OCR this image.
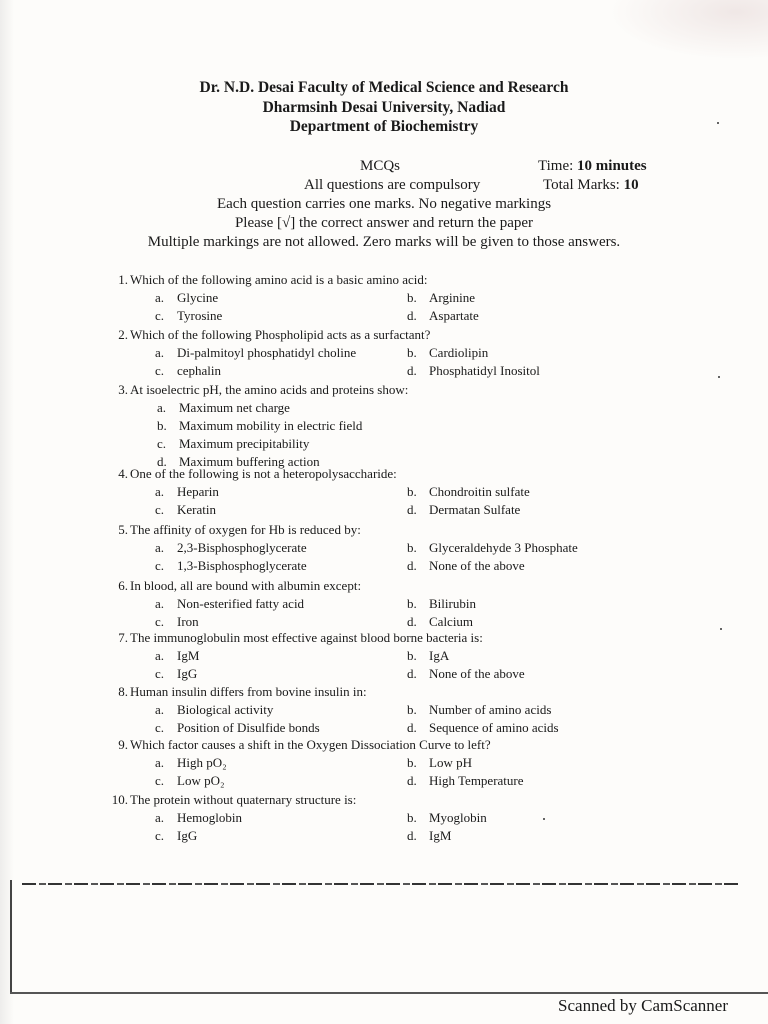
Dr. N.D. Desai Faculty of Medical Science and Research
Dharmsinh Desai University, Nadiad
Department of Biochemistry
MCQs	Time: 10 minutes
All questions are compulsory	Total Marks: 10
Each question carries one marks. No negative markings
Please [√] the correct answer and return the paper
Multiple markings are not allowed. Zero marks will be given to those answers.
1. Which of the following amino acid is a basic amino acid:
a. Glycine	b. Arginine
c. Tyrosine	d. Aspartate
2. Which of the following Phospholipid acts as a surfactant?
a. Di-palmitoyl phosphatidyl choline	b. Cardiolipin
c. cephalin	d. Phosphatidyl Inositol
3. At isoelectric pH, the amino acids and proteins show:
a. Maximum net charge
b. Maximum mobility in electric field
c. Maximum precipitability
d. Maximum buffering action
4. One of the following is not a heteropolysaccharide:
a. Heparin	b. Chondroitin sulfate
c. Keratin	d. Dermatan Sulfate
5. The affinity of oxygen for Hb is reduced by:
a. 2,3-Bisphosphoglycerate	b. Glyceraldehyde 3 Phosphate
c. 1,3-Bisphosphoglycerate	d. None of the above
6. In blood, all are bound with albumin except:
a. Non-esterified fatty acid	b. Bilirubin
c. Iron	d. Calcium
7. The immunoglobulin most effective against blood borne bacteria is:
a. IgM	b. IgA
c. IgG	d. None of the above
8. Human insulin differs from bovine insulin in:
a. Biological activity	b. Number of amino acids
c. Position of Disulfide bonds	d. Sequence of amino acids
9. Which factor causes a shift in the Oxygen Dissociation Curve to left?
a. High pO₂	b. Low pH
c. Low pO₂	d. High Temperature
10. The protein without quaternary structure is:
a. Hemoglobin	b. Myoglobin
c. IgG	d. IgM
Scanned by CamScanner
